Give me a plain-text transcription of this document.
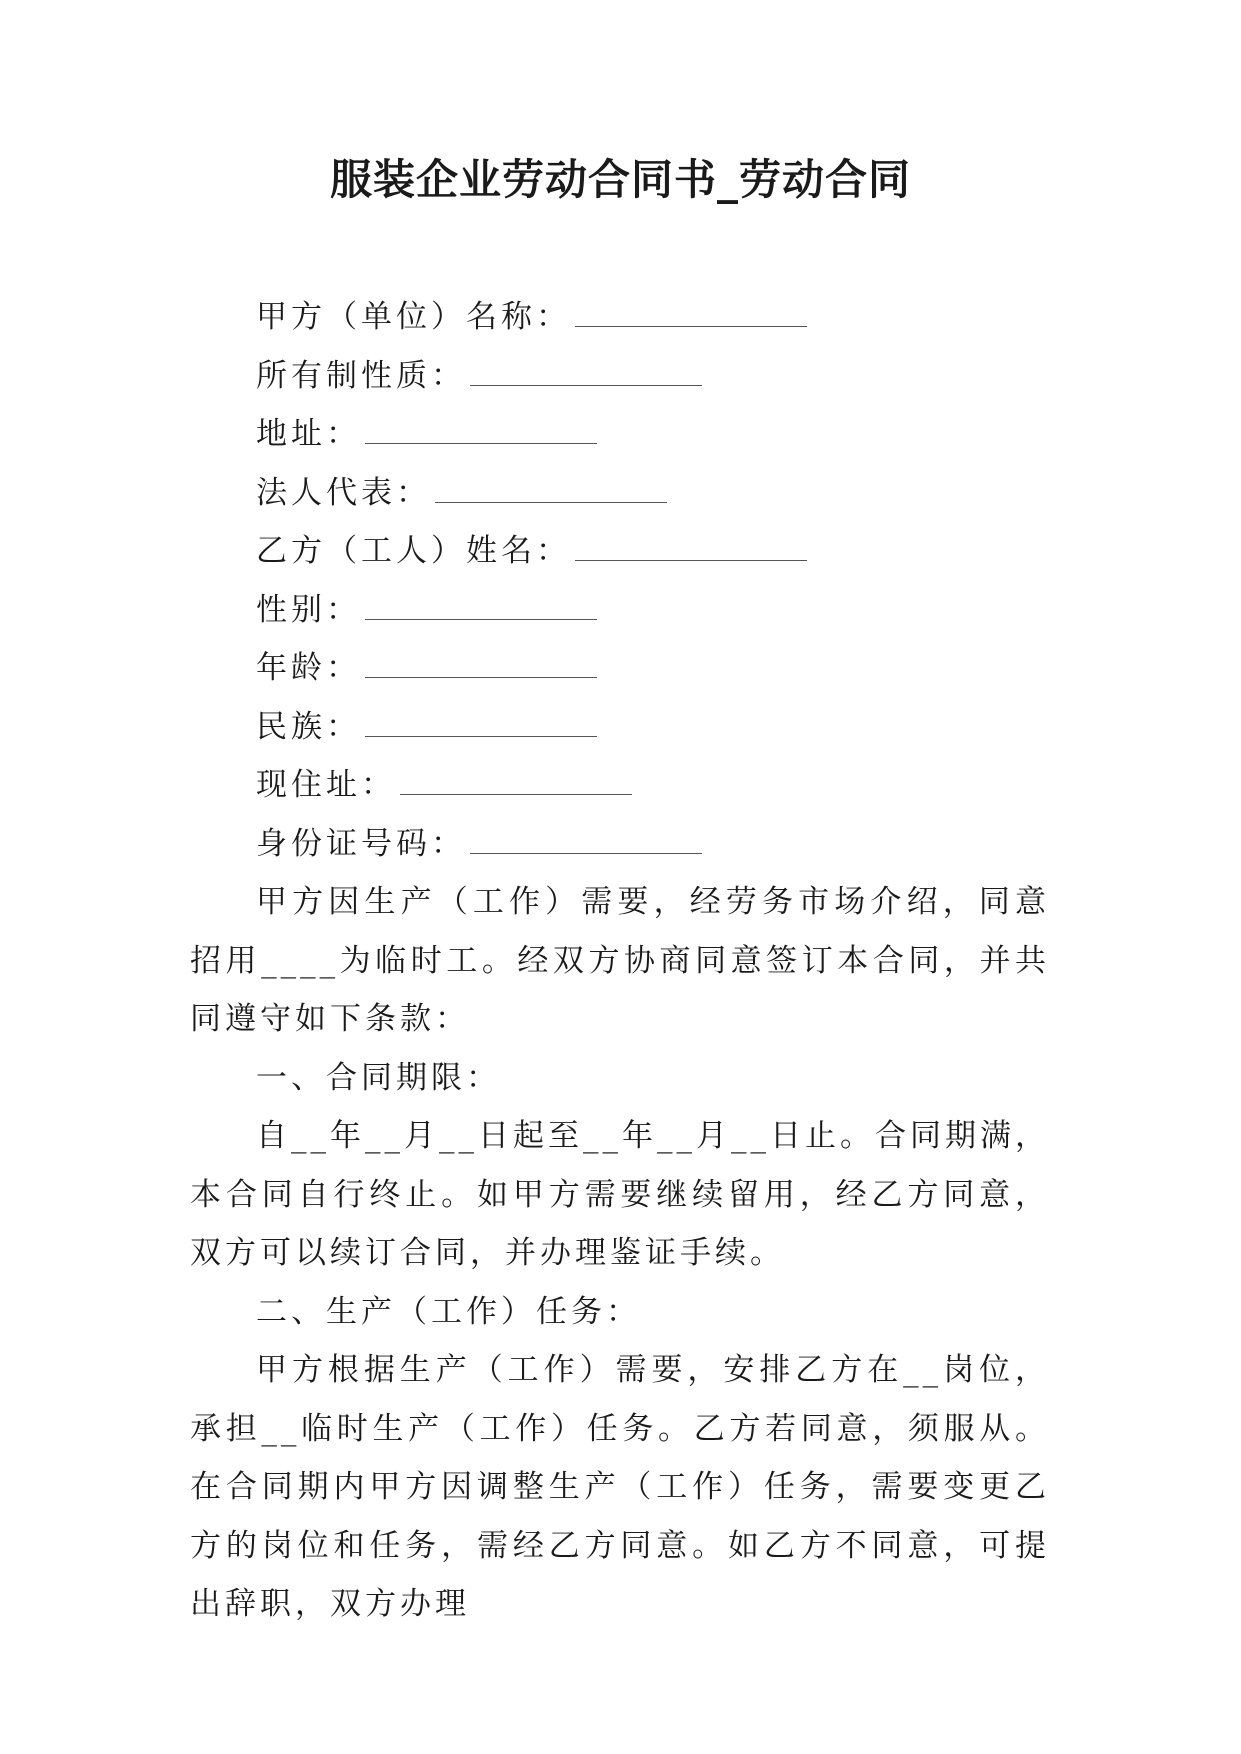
服装企业劳动合同书_劳动合同

甲方（单位）名称：

所有制性质：

地址：

法人代表：

乙方（工人）姓名：

性别：

年龄：

民族：

现住址：

身份证号码：

甲方因生产（工作）需要，经劳务市场介绍，同意招用____为临时工。经双方协商同意签订本合同，并共同遵守如下条款：

一、合同期限：

自__年__月__日起至__年__月__日止。合同期满，本合同自行终止。如甲方需要继续留用，经乙方同意，双方可以续订合同，并办理鉴证手续。

二、生产（工作）任务：

甲方根据生产（工作）需要，安排乙方在__岗位，承担__临时生产（工作）任务。乙方若同意，须服从。在合同期内甲方因调整生产（工作）任务，需要变更乙方的岗位和任务，需经乙方同意。如乙方不同意，可提出辞职，双方办理
